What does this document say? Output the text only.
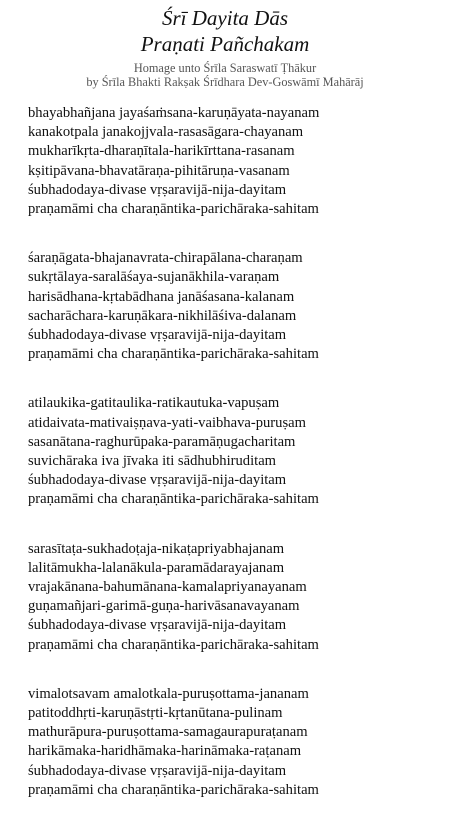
Śrī Dayita Dās
Praṇati Pañchakam
Homage unto Śrīla Saraswatī Ṭhākur
by Śrīla Bhakti Rakṣak Śrīdhara Dev-Goswāmī Mahārāj
bhayabhañjana jayaśaṁsana-karuṇāyata-nayanam
kanakotpala janakojjvala-rasasāgara-chayanam
mukharīkṛta-dharaṇītala-harikīrttana-rasanam
kṣitipāvana-bhavatāraṇa-pihitāruṇa-vasanam
śubhadodaya-divase vṛṣaravijā-nija-dayitam
praṇamāmi cha charaṇāntika-parichāraka-sahitam
śaraṇāgata-bhajanavrata-chirapālana-charaṇam
sukṛtālaya-saralāśaya-sujanākhila-varaṇam
harisādhana-kṛtabādhana janāśasana-kalanam
sacharāchara-karuṇākara-nikhilāśiva-dalanam
śubhadodaya-divase vṛṣaravijā-nija-dayitam
praṇamāmi cha charaṇāntika-parichāraka-sahitam
atilaukika-gatitaulika-ratikautuka-vapuṣam
atidaivata-mativaiṣṇava-yati-vaibhava-puruṣam
sasanātana-raghurūpaka-paramāṇugacharitam
suvichāraka iva jīvaka iti sādhubhiruditam
śubhadodaya-divase vṛṣaravijā-nija-dayitam
praṇamāmi cha charaṇāntika-parichāraka-sahitam
sarasītaṭa-sukhadoṭaja-nikaṭapriyabhajanam
lalitāmukha-lalanākula-paramādarayajanam
vrajakānana-bahumānana-kamalapriyanayanam
guṇamañjari-garimā-guṇa-harivāsanavayanam
śubhadodaya-divase vṛṣaravijā-nija-dayitam
praṇamāmi cha charaṇāntika-parichāraka-sahitam
vimalotsavam amalotkala-puruṣottama-jananam
patitoddhṛti-karuṇāstṛti-kṛtanūtana-pulinam
mathurāpura-puruṣottama-samagaurapuraṭanam
harikāmaka-haridhāmaka-harināmaka-raṭanam
śubhadodaya-divase vṛṣaravijā-nija-dayitam
praṇamāmi cha charaṇāntika-parichāraka-sahitam
